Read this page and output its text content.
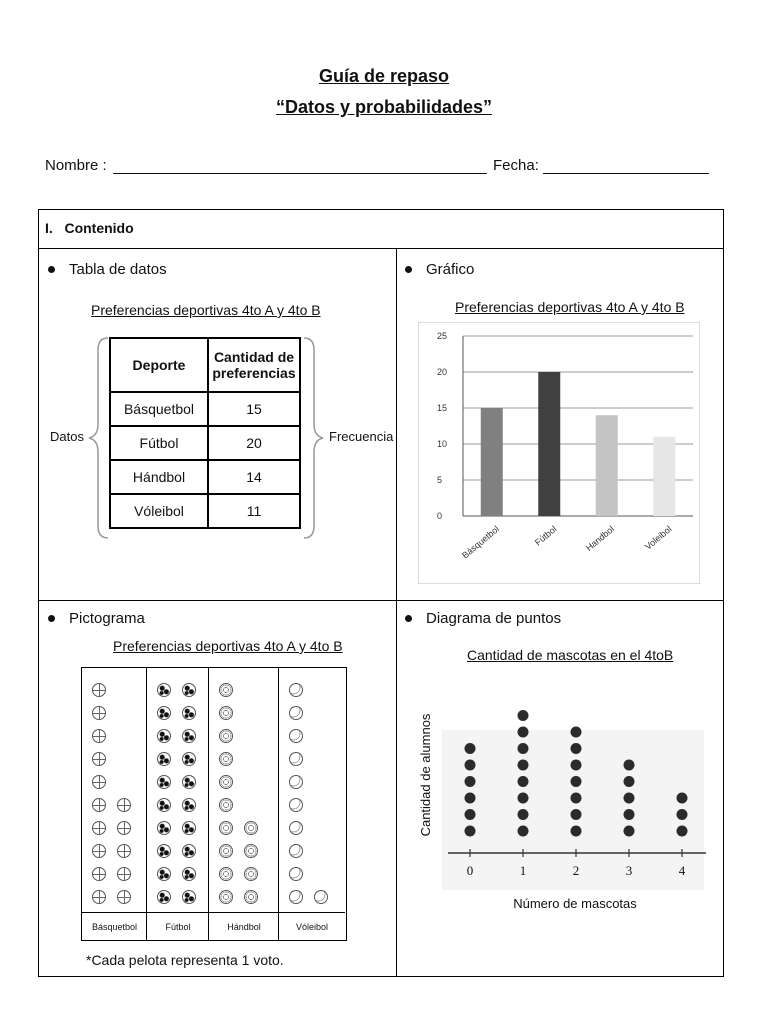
Guía de repaso
“Datos y probabilidades”
Nombre :	Fecha:
I. Contenido
Tabla de datos
Preferencias deportivas 4to A y 4to B
Datos	Frecuencia
Deporte	Cantidad de preferencias
Básquetbol	15
Fútbol	20
Hándbol	14
Vóleibol	11
Gráfico
Preferencias deportivas 4to A y 4to B
0
5
10
15
20
25
Básquetbol	Fútbol	Handbol	Voleibol
Pictograma
Preferencias deportivas 4to A y 4to B
Básquetbol	Fútbol	Hándbol	Vóleibol
*Cada pelota representa 1 voto.
Diagrama de puntos
Cantidad de mascotas en el 4toB
0	1	2	3	4
Número de mascotas
Cantidad de alumnos
